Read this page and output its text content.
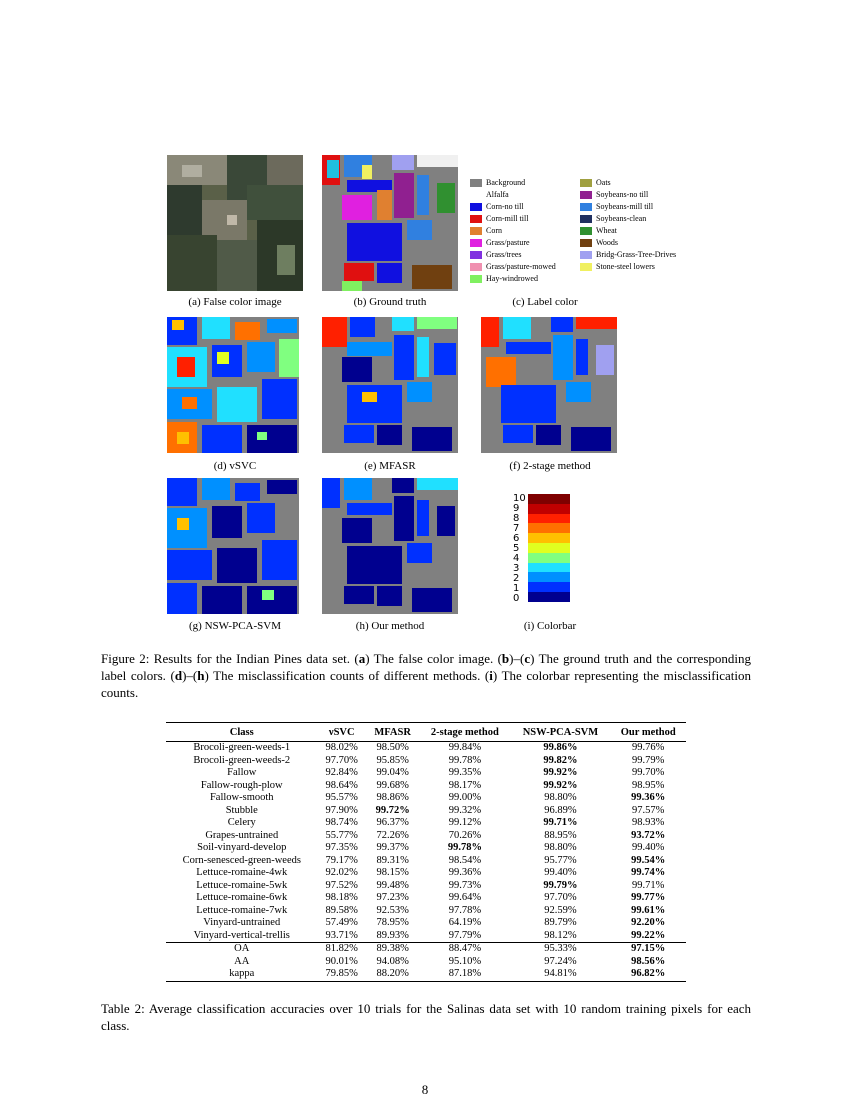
(a) False color image	(b) Ground truth
Background
Alfalfa
Corn-no till
Corn-mill till
Corn
Grass/pasture
Grass/trees
Grass/pasture-mowed
Hay-windrowed
Oats
Soybeans-no till
Soybeans-mill till
Soybeans-clean
Wheat
Woods
Bridg-Grass-Tree-Drives
Stone-steel lowers
(c) Label color
(d) vSVC	(e) MFASR	(f) 2-stage method
(g) NSW-PCA-SVM	(h) Our method
10
9
8
7
6
5
4
3
2
1
0
(i) Colorbar
Figure 2: Results for the Indian Pines data set. (a) The false color image. (b)–(c) The ground truth and the corresponding label colors. (d)–(h) The misclassification counts of different methods. (i) The colorbar representing the misclassification counts.
Class	νSVC	MFASR	2-stage method	NSW-PCA-SVM	Our method
Brocoli-green-weeds-1	98.02%	98.50%	99.84%	99.86%	99.76%
Brocoli-green-weeds-2	97.70%	95.85%	99.78%	99.82%	99.79%
Fallow	92.84%	99.04%	99.35%	99.92%	99.70%
Fallow-rough-plow	98.64%	99.68%	98.17%	99.92%	98.95%
Fallow-smooth	95.57%	98.86%	99.00%	98.80%	99.36%
Stubble	97.90%	99.72%	99.32%	96.89%	97.57%
Celery	98.74%	96.37%	99.12%	99.71%	98.93%
Grapes-untrained	55.77%	72.26%	70.26%	88.95%	93.72%
Soil-vinyard-develop	97.35%	99.37%	99.78%	98.80%	99.40%
Corn-senesced-green-weeds	79.17%	89.31%	98.54%	95.77%	99.54%
Lettuce-romaine-4wk	92.02%	98.15%	99.36%	99.40%	99.74%
Lettuce-romaine-5wk	97.52%	99.48%	99.73%	99.79%	99.71%
Lettuce-romaine-6wk	98.18%	97.23%	99.64%	97.70%	99.77%
Lettuce-romaine-7wk	89.58%	92.53%	97.78%	92.59%	99.61%
Vinyard-untrained	57.49%	78.95%	64.19%	89.79%	92.20%
Vinyard-vertical-trellis	93.71%	89.93%	97.79%	98.12%	99.22%
OA	81.82%	89.38%	88.47%	95.33%	97.15%
AA	90.01%	94.08%	95.10%	97.24%	98.56%
kappa	79.85%	88.20%	87.18%	94.81%	96.82%
Table 2: Average classification accuracies over 10 trials for the Salinas data set with 10 random training pixels for each class.
8
